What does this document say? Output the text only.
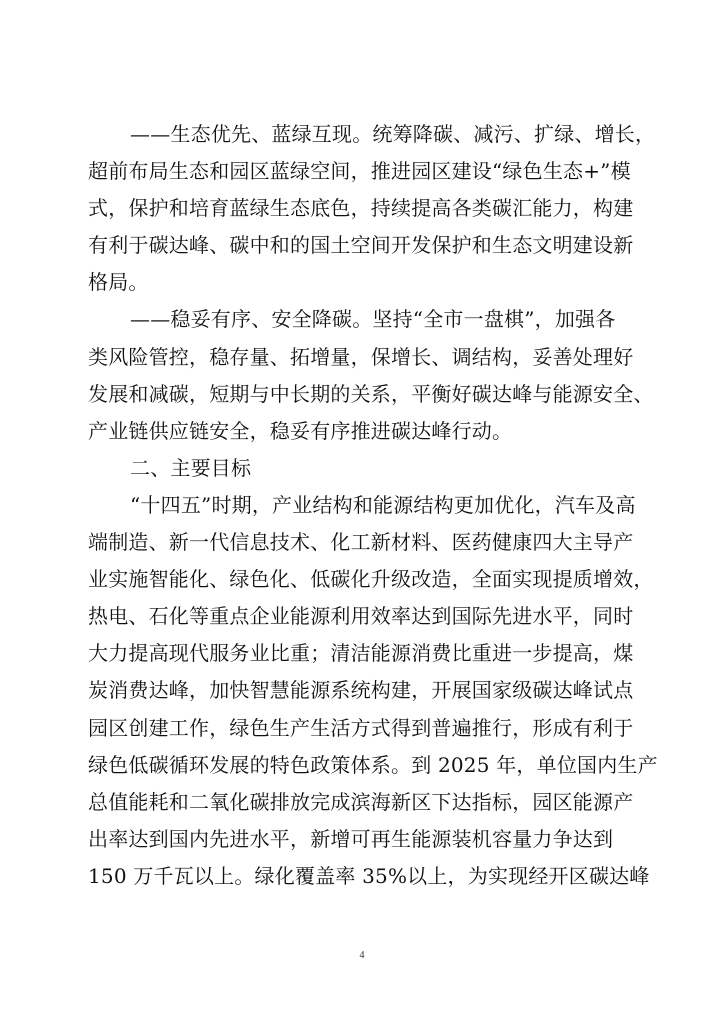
——生态优先、蓝绿互现。统筹降碳、减污、扩绿、增长，
超前布局生态和园区蓝绿空间，推进园区建设“绿色生态+”模
式，保护和培育蓝绿生态底色，持续提高各类碳汇能力，构建
有利于碳达峰、碳中和的国土空间开发保护和生态文明建设新
格局。
——稳妥有序、安全降碳。坚持“全市一盘棋”，加强各
类风险管控，稳存量、拓增量，保增长、调结构，妥善处理好
发展和减碳，短期与中长期的关系，平衡好碳达峰与能源安全、
产业链供应链安全，稳妥有序推进碳达峰行动。
二、主要目标
“十四五”时期，产业结构和能源结构更加优化，汽车及高
端制造、新一代信息技术、化工新材料、医药健康四大主导产
业实施智能化、绿色化、低碳化升级改造，全面实现提质增效，
热电、石化等重点企业能源利用效率达到国际先进水平，同时
大力提高现代服务业比重；清洁能源消费比重进一步提高，煤
炭消费达峰，加快智慧能源系统构建，开展国家级碳达峰试点
园区创建工作，绿色生产生活方式得到普遍推行，形成有利于
绿色低碳循环发展的特色政策体系。到 2025 年，单位国内生产
总值能耗和二氧化碳排放完成滨海新区下达指标，园区能源产
出率达到国内先进水平，新增可再生能源装机容量力争达到
150 万千瓦以上。绿化覆盖率 35%以上，为实现经开区碳达峰
4
